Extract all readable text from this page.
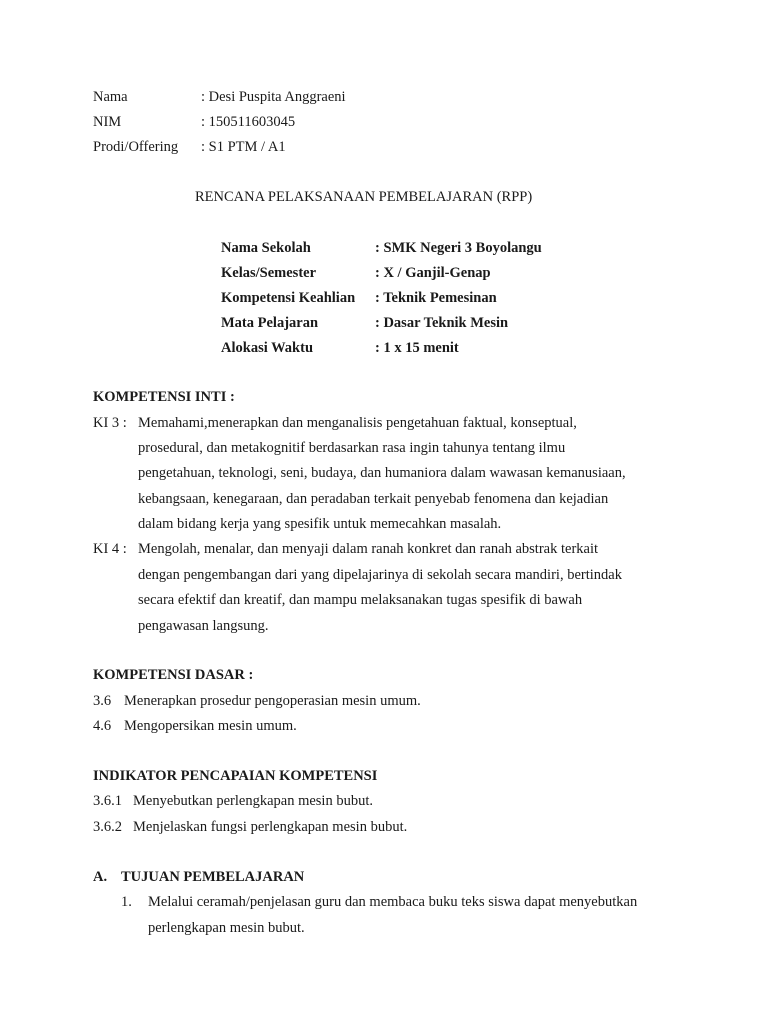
Nama	: Desi Puspita Anggraeni
NIM	: 150511603045
Prodi/Offering : S1 PTM / A1
RENCANA PELAKSANAAN PEMBELAJARAN (RPP)
Nama Sekolah	: SMK Negeri 3 Boyolangu
Kelas/Semester	: X / Ganjil-Genap
Kompetensi Keahlian : Teknik Pemesinan
Mata Pelajaran	: Dasar Teknik Mesin
Alokasi Waktu	: 1 x 15 menit
KOMPETENSI INTI :
KI 3 : Memahami,menerapkan dan menganalisis pengetahuan faktual, konseptual,
prosedural, dan metakognitif berdasarkan rasa ingin tahunya tentang ilmu
pengetahuan, teknologi, seni, budaya, dan humaniora dalam wawasan kemanusiaan,
kebangsaan, kenegaraan, dan peradaban terkait penyebab fenomena dan kejadian
dalam bidang kerja yang spesifik untuk memecahkan masalah.
KI 4 : Mengolah, menalar, dan menyaji dalam ranah konkret dan ranah abstrak terkait
dengan pengembangan dari yang dipelajarinya di sekolah secara mandiri, bertindak
secara efektif dan kreatif, dan mampu melaksanakan tugas spesifik di bawah
pengawasan langsung.
KOMPETENSI DASAR :
3.6 Menerapkan prosedur pengoperasian mesin umum.
4.6 Mengopersikan mesin umum.
INDIKATOR PENCAPAIAN KOMPETENSI
3.6.1 Menyebutkan perlengkapan mesin bubut.
3.6.2 Menjelaskan fungsi perlengkapan mesin bubut.
A. TUJUAN PEMBELAJARAN
1. Melalui ceramah/penjelasan guru dan membaca buku teks siswa dapat menyebutkan
perlengkapan mesin bubut.
